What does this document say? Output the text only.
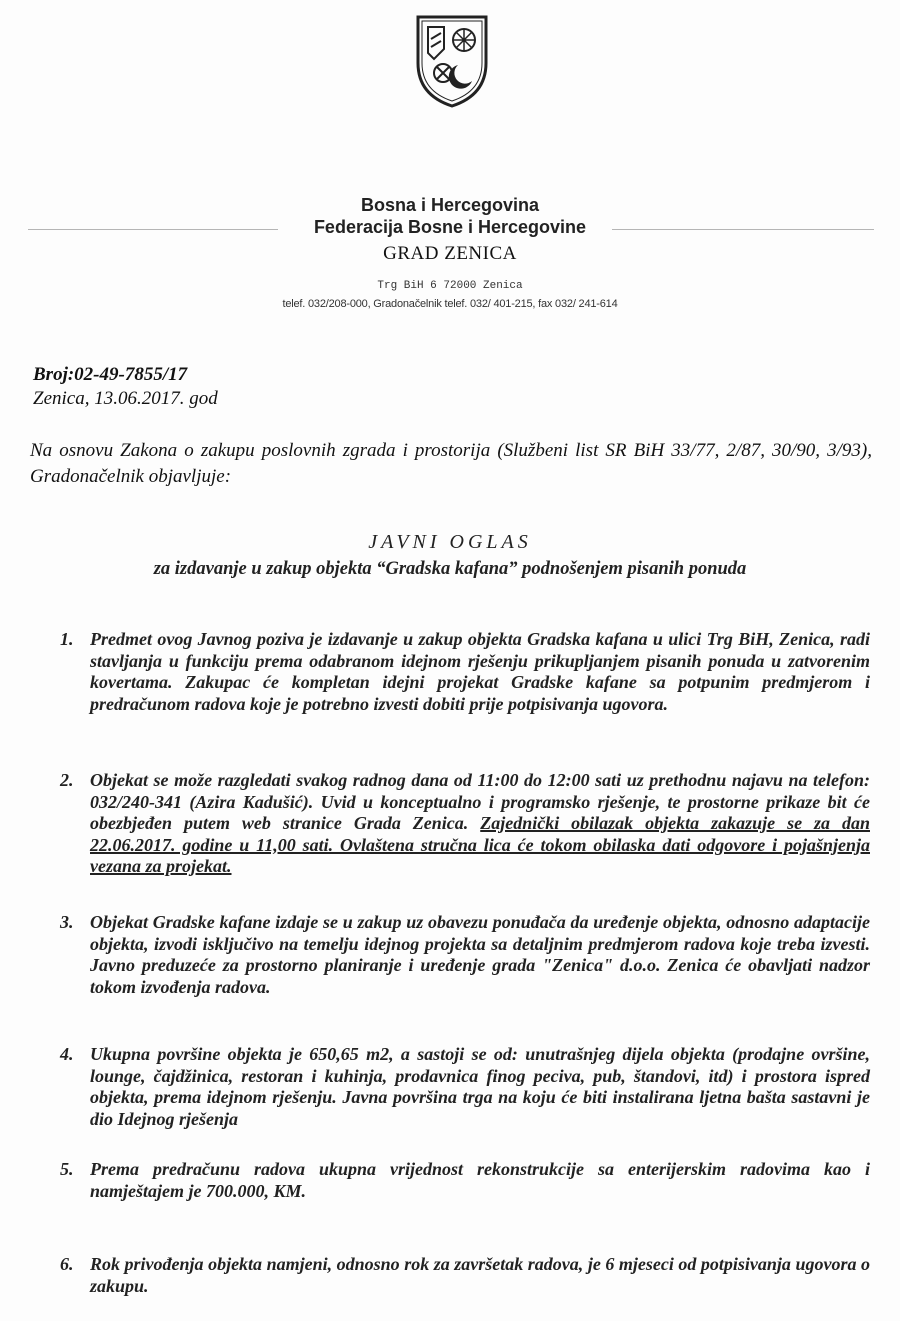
Bosna i Hercegovina
Federacija Bosne i Hercegovine
GRAD ZENICA
Trg BiH 6 72000 Zenica
telef. 032/208-000, Gradonačelnik telef. 032/ 401-215, fax 032/ 241-614
Broj:02-49-7855/17
Zenica, 13.06.2017. god
Na osnovu Zakona o zakupu poslovnih zgrada i prostorija (Službeni list SR BiH 33/77, 2/87, 30/90, 3/93), Gradonačelnik objavljuje:
JAVNI OGLAS
za izdavanje u zakup objekta “Gradska kafana” podnošenjem pisanih ponuda
1. Predmet ovog Javnog poziva je izdavanje u zakup objekta Gradska kafana u ulici Trg BiH, Zenica, radi stavljanja u funkciju prema odabranom idejnom rješenju prikupljanjem pisanih ponuda u zatvorenim kovertama. Zakupac će kompletan idejni projekat Gradske kafane sa potpunim predmjerom i predračunom radova koje je potrebno izvesti dobiti prije potpisivanja ugovora.
2. Objekat se može razgledati svakog radnog dana od 11:00 do 12:00 sati uz prethodnu najavu na telefon: 032/240-341 (Azira Kadušić). Uvid u konceptualno i programsko rješenje, te prostorne prikaze bit će obezbjeđen putem web stranice Grada Zenica. Zajednički obilazak objekta zakazuje se za dan 22.06.2017. godine u 11,00 sati. Ovlaštena stručna lica će tokom obilaska dati odgovore i pojašnjenja vezana za projekat.
3. Objekat Gradske kafane izdaje se u zakup uz obavezu ponuđača da uređenje objekta, odnosno adaptacije objekta, izvodi isključivo na temelju idejnog projekta sa detaljnim predmjerom radova koje treba izvesti. Javno preduzeće za prostorno planiranje i uređenje grada "Zenica" d.o.o. Zenica će obavljati nadzor tokom izvođenja radova.
4. Ukupna površine objekta je 650,65 m2, a sastoji se od: unutrašnjeg dijela objekta (prodajne ovršine, lounge, čajdžinica, restoran i kuhinja, prodavnica finog peciva, pub, štandovi, itd) i prostora ispred objekta, prema idejnom rješenju. Javna površina trga na koju će biti instalirana ljetna bašta sastavni je dio Idejnog rješenja
5. Prema predračunu radova ukupna vrijednost rekonstrukcije sa enterijerskim radovima kao i namještajem je 700.000, KM.
6. Rok privođenja objekta namjeni, odnosno rok za završetak radova, je 6 mjeseci od potpisivanja ugovora o zakupu.
